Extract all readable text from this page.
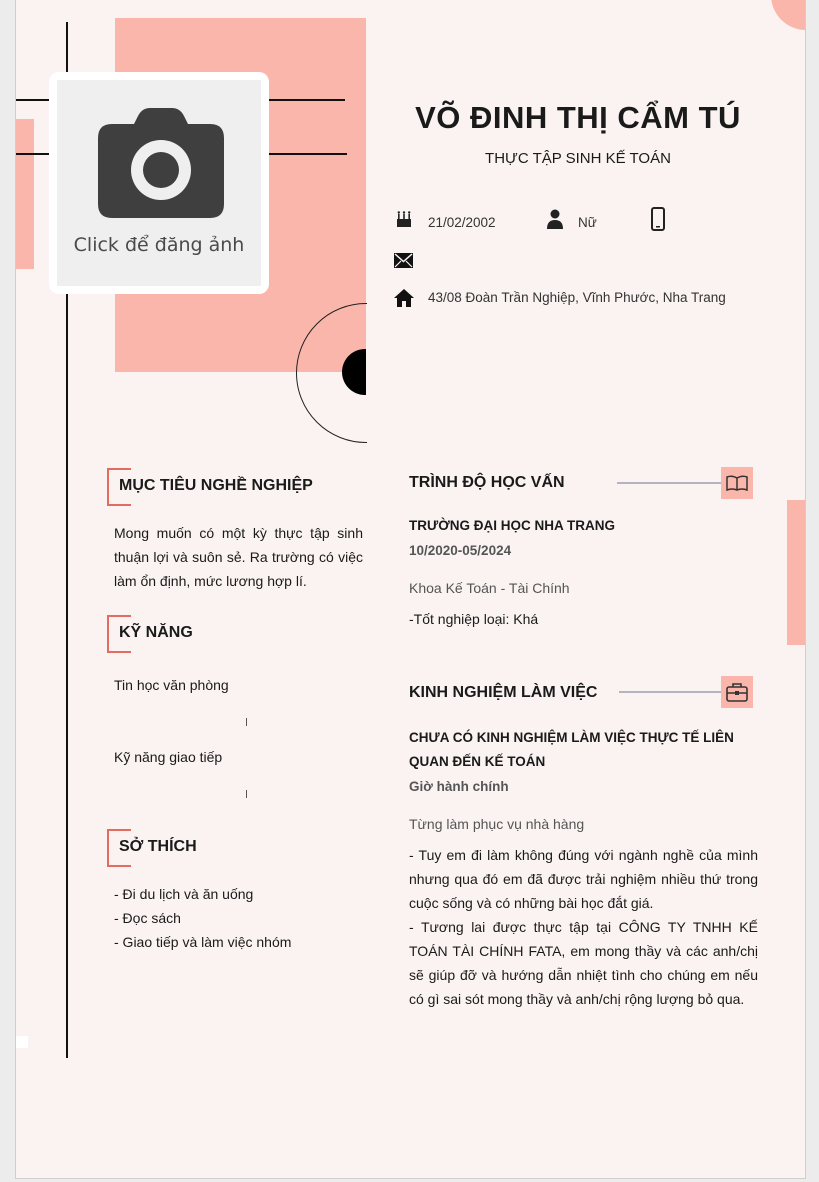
Click để đăng ảnh
VÕ ĐINH THỊ CẨM TÚ
THỰC TẬP SINH KẾ TOÁN
21/02/2002	Nữ
43/08 Đoàn Trần Nghiệp, Vĩnh Phước, Nha Trang
MỤC TIÊU NGHỀ NGHIỆP
Mong muốn có một kỳ thực tập sinh thuận lợi và suôn sẻ. Ra trường có việc làm ổn định, mức lương hợp lí.
KỸ NĂNG
Tin học văn phòng
Kỹ năng giao tiếp
SỞ THÍCH
- Đi du lịch và ăn uống
- Đọc sách
- Giao tiếp và làm việc nhóm
TRÌNH ĐỘ HỌC VẤN
TRƯỜNG ĐẠI HỌC NHA TRANG
10/2020-05/2024
Khoa Kế Toán - Tài Chính
-Tốt nghiệp loại: Khá
KINH NGHIỆM LÀM VIỆC
CHƯA CÓ KINH NGHIỆM LÀM VIỆC THỰC TẾ LIÊN QUAN ĐẾN KẾ TOÁN
Giờ hành chính
Từng làm phục vụ nhà hàng
- Tuy em đi làm không đúng với ngành nghề của mình nhưng qua đó em đã được trải nghiệm nhiều thứ trong cuộc sống và có những bài học đắt giá.
- Tương lai được thực tập tại CÔNG TY TNHH KẾ TOÁN TÀI CHÍNH FATA, em mong thầy và các anh/chị sẽ giúp đỡ và hướng dẫn nhiệt tình cho chúng em nếu có gì sai sót mong thầy và anh/chị rộng lượng bỏ qua.
